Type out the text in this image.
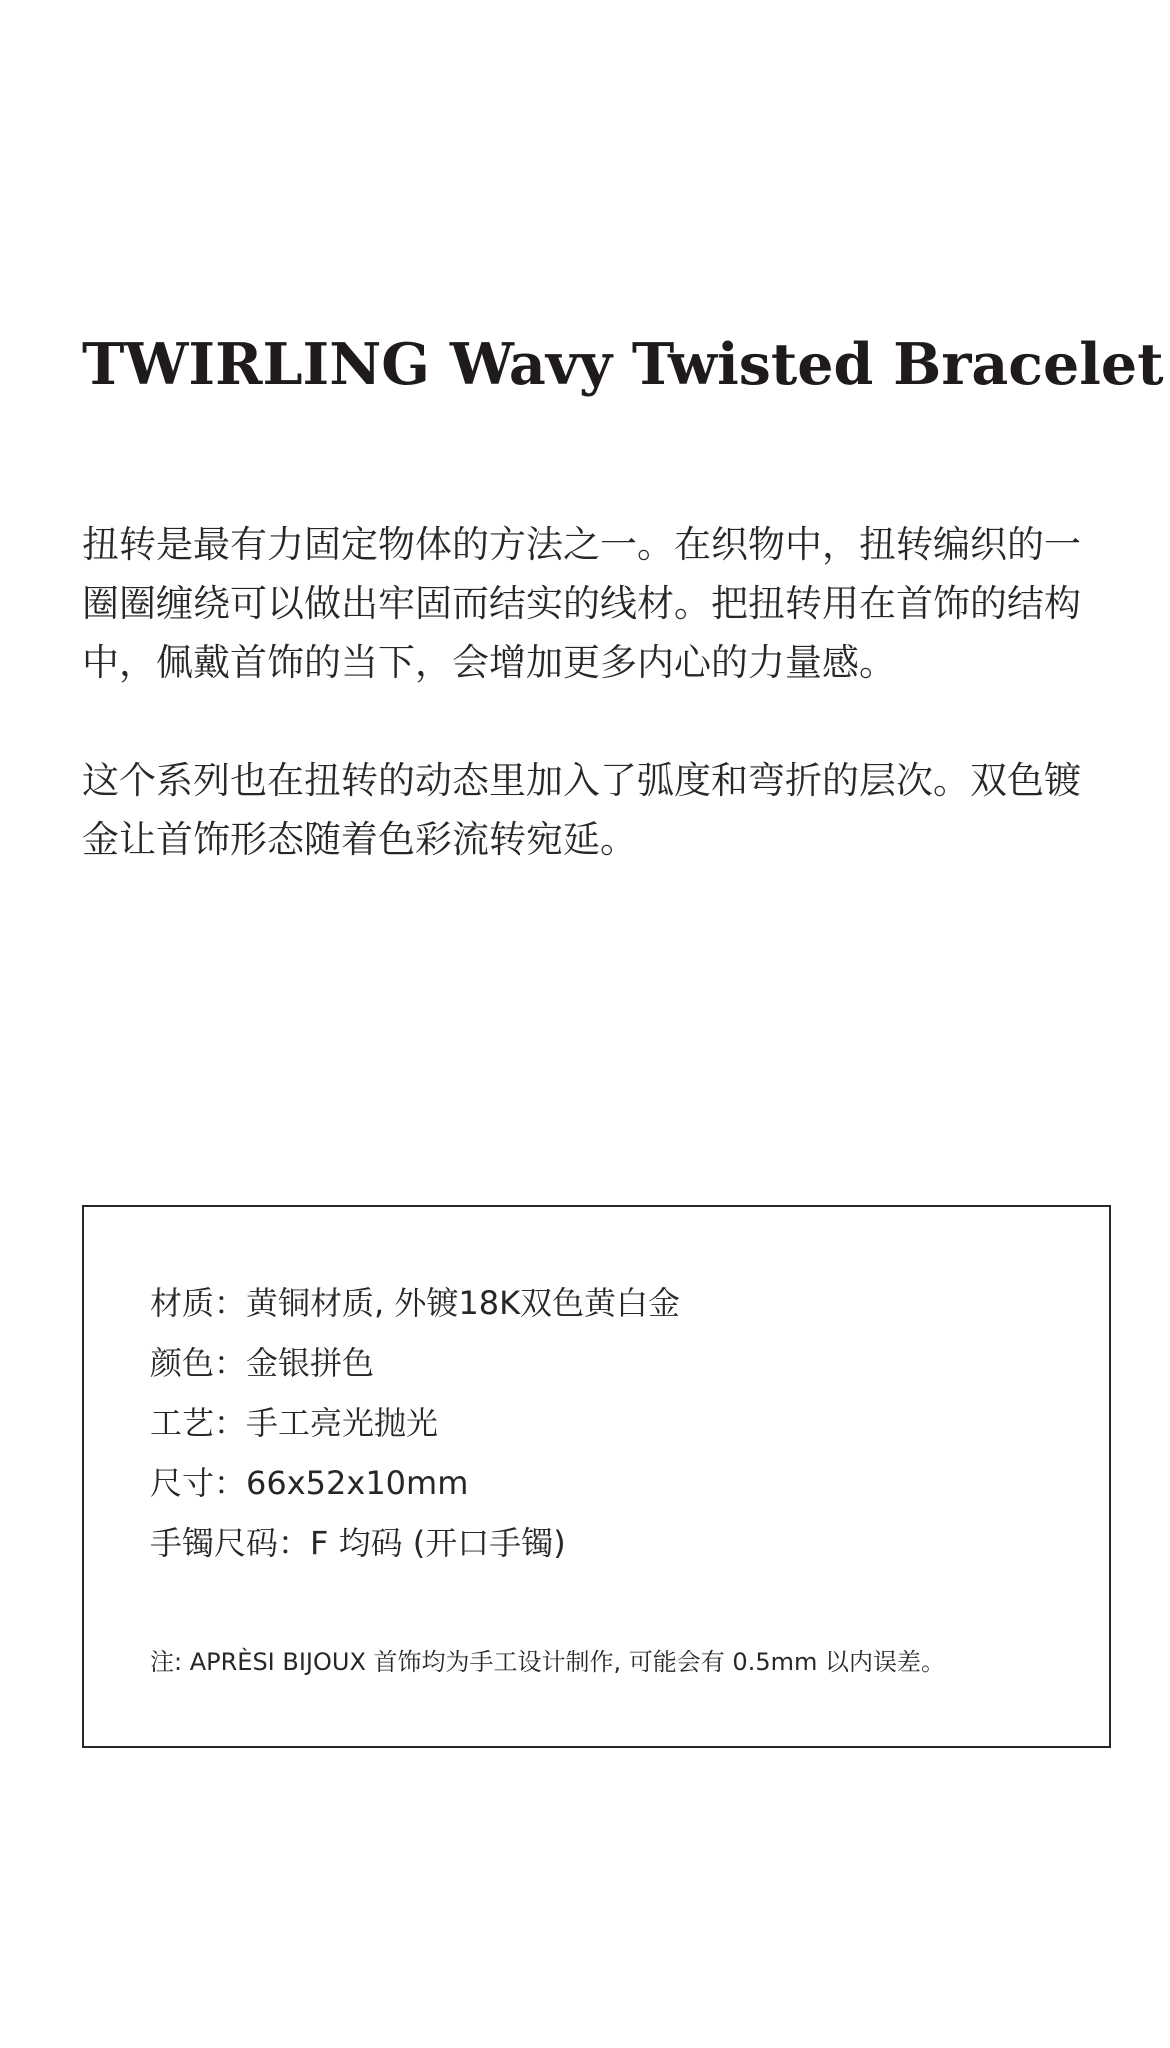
TWIRLING Wavy Twisted Bracelet

扭转是最有力固定物体的方法之一。在织物中，扭转编织的一圈圈缠绕可以做出牢固而结实的线材。把扭转用在首饰的结构中，佩戴首饰的当下，会增加更多内心的力量感。

这个系列也在扭转的动态里加入了弧度和弯折的层次。双色镀金让首饰形态随着色彩流转宛延。

材质：黄铜材质, 外镀18K双色黄白金
颜色：金银拼色
工艺：手工亮光抛光
尺寸：66x52x10mm
手镯尺码：F 均码 (开口手镯)

注: APRÈSI BIJOUX 首饰均为手工设计制作, 可能会有 0.5mm 以内误差。
